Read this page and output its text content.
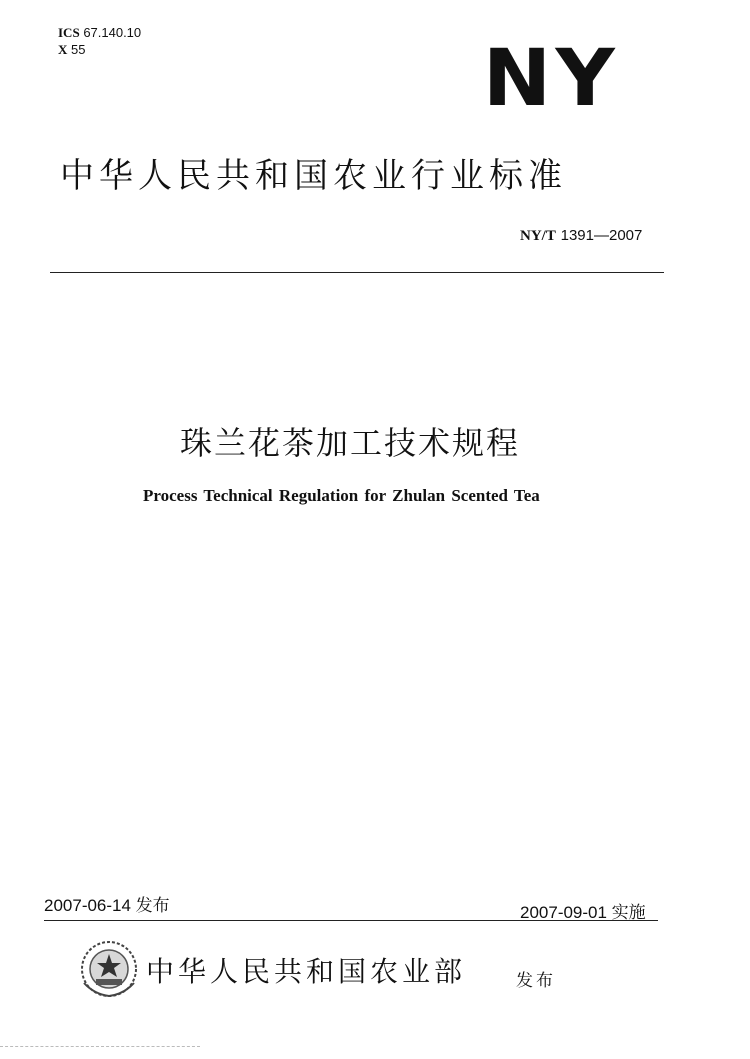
ICS 67.140.10
X 55	NY
中华人民共和国农业行业标准
NY/T 1391—2007
珠兰花茶加工技术规程
Process Technical Regulation for Zhulan Scented Tea
2007-06-14 发布	2007-09-01 实施
中华人民共和国农业部	发布
